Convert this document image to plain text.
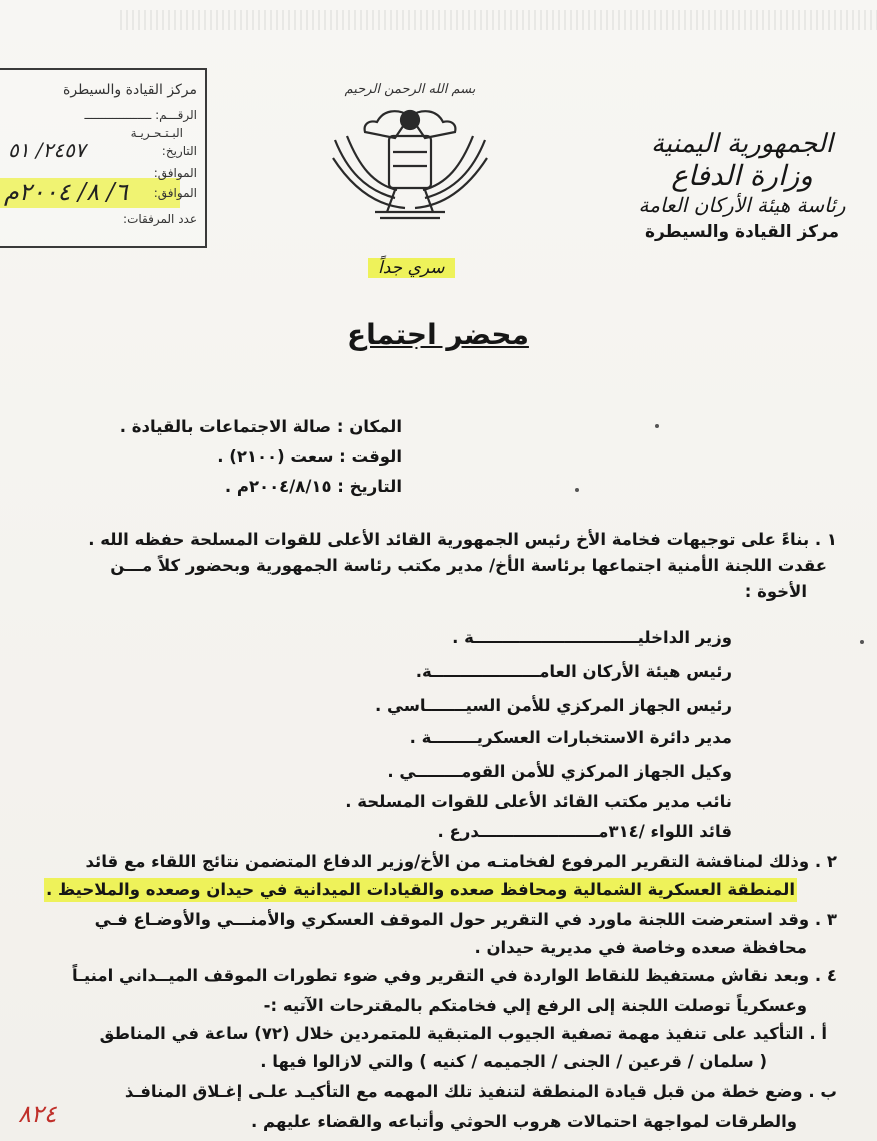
مركز القيادة والسيطرة
الرقـــم: ـــــــــــــــــــ
البـتـحـريـة
التاريخ:
٢٤٥٧/ ٥١
الموافق:
الموافق:
٦/ ٨/ ٢٠٠٤م
عدد المرفقات:
بسم الله الرحمن الرحيم
الجمهورية اليمنية
وزارة الدفاع
رئاسة هيئة الأركان العامة
مركز القيادة والسيطرة
سري جداً
محضر اجتماع
المكان : صالة الاجتماعات بالقيادة .
الوقت : سعت (٢١٠٠) .
التاريخ : ٢٠٠٤/٨/١٥م .
١ . بناءً على توجيهات فخامة الأخ رئيس الجمهورية القائد الأعلى للقوات المسلحة حفظه الله .
عقدت اللجنة الأمنية اجتماعها برئاسة الأخ/ مدير مكتب رئاسة الجمهورية وبحضور كلاً مـــن
الأخوة :
وزير الداخليـــــــــــــــــــــــــــــة .
رئيس هيئة الأركان العامـــــــــــــــــــة.
رئيس الجهاز المركزي للأمن السيـــــــاسي .
مدير دائرة الاستخبارات العسكريــــــــة .
وكيل الجهاز المركزي للأمن القومــــــــي .
نائب مدير مكتب القائد الأعلى للقوات المسلحة .
قائد اللواء /٣١٤مـــــــــــــــــــــدرع .
٢ . وذلك لمناقشة التقرير المرفوع لفخامتـه من الأخ/وزير الدفاع المتضمن نتائج اللقاء مع قائد
المنطقة العسكرية الشمالية ومحافظ صعده والقيادات الميدانية في حيدان وصعده والملاحيظ .
٣ . وقد استعرضت اللجنة ماورد في التقرير حول الموقف العسكري والأمنـــي والأوضـاع فـي
محافظة صعده وخاصة في مديرية حيدان .
٤ . وبعد نقاش مستفيظ للنقاط الواردة في التقرير وفي ضوء تطورات الموقف الميــداني امنيـاً
وعسكرياً توصلت اللجنة إلى الرفع إلي فخامتكم بالمقترحات الآتيه :-
أ . التأكيد على تنفيذ مهمة تصفية الجيوب المتبقية للمتمردين خلال (٧٢) ساعة في المناطق
( سلمان / قرعين / الجنى / الجميمه / كنيه ) والتي لازالوا فيها .
ب . وضع خطة من قبل قيادة المنطقة لتنفيذ تلك المهمه مع التأكيـد علـى إغـلاق المنافـذ
والطرقات لمواجهة احتمالات هروب الحوثي وأتباعه والقضاء عليهم .
٨٢٤
